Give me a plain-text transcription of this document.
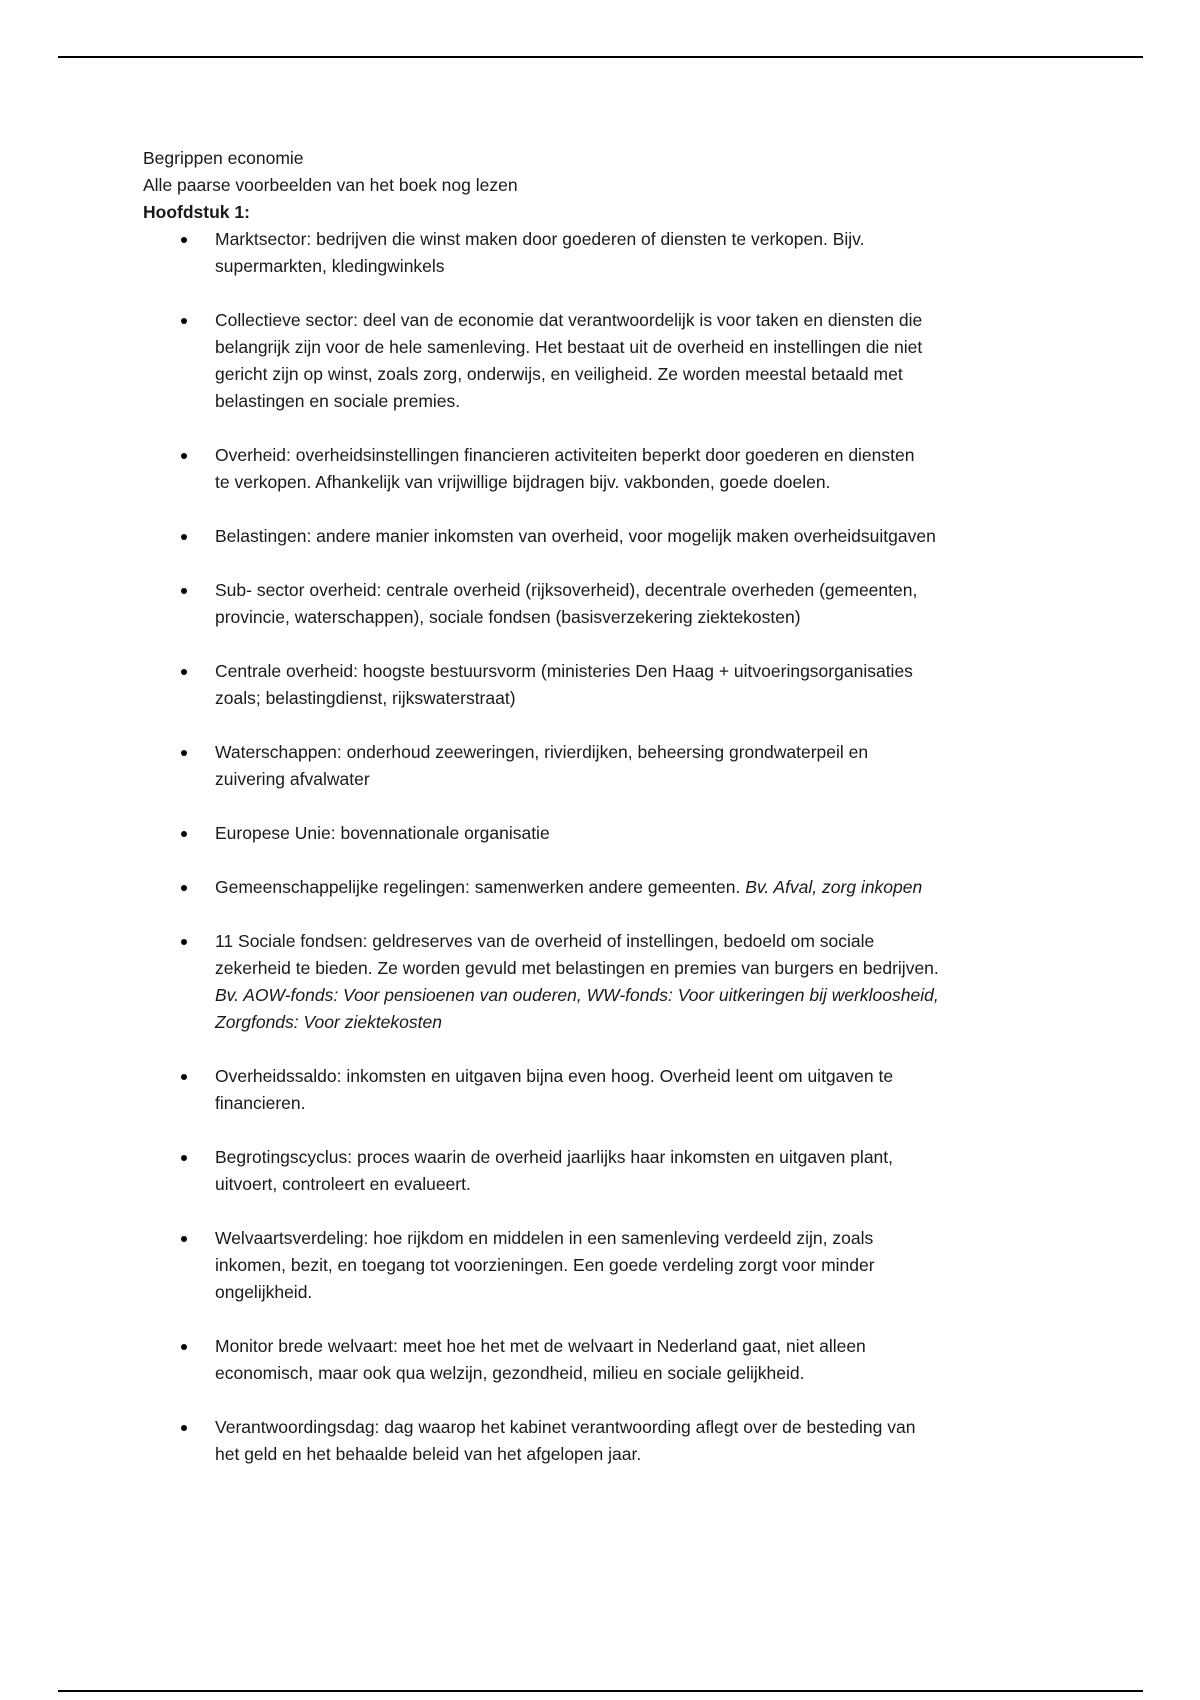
Begrippen economie
Alle paarse voorbeelden van het boek nog lezen
Hoofdstuk 1:
Marktsector: bedrijven die winst maken door goederen of diensten te verkopen. Bijv.
supermarkten, kledingwinkels
Collectieve sector: deel van de economie dat verantwoordelijk is voor taken en diensten die
belangrijk zijn voor de hele samenleving. Het bestaat uit de overheid en instellingen die niet
gericht zijn op winst, zoals zorg, onderwijs, en veiligheid. Ze worden meestal betaald met
belastingen en sociale premies.
Overheid: overheidsinstellingen financieren activiteiten beperkt door goederen en diensten
te verkopen. Afhankelijk van vrijwillige bijdragen bijv. vakbonden, goede doelen.
Belastingen: andere manier inkomsten van overheid, voor mogelijk maken overheidsuitgaven
Sub- sector overheid: centrale overheid (rijksoverheid), decentrale overheden (gemeenten,
provincie, waterschappen), sociale fondsen (basisverzekering ziektekosten)
Centrale overheid: hoogste bestuursvorm (ministeries Den Haag + uitvoeringsorganisaties
zoals; belastingdienst, rijkswaterstraat)
Waterschappen: onderhoud zeeweringen, rivierdijken, beheersing grondwaterpeil en
zuivering afvalwater
Europese Unie: bovennationale organisatie
Gemeenschappelijke regelingen: samenwerken andere gemeenten. Bv. Afval, zorg inkopen
11 Sociale fondsen: geldreserves van de overheid of instellingen, bedoeld om sociale
zekerheid te bieden. Ze worden gevuld met belastingen en premies van burgers en bedrijven.
Bv. AOW-fonds: Voor pensioenen van ouderen, WW-fonds: Voor uitkeringen bij werkloosheid,
Zorgfonds: Voor ziektekosten
Overheidssaldo: inkomsten en uitgaven bijna even hoog. Overheid leent om uitgaven te
financieren.
Begrotingscyclus: proces waarin de overheid jaarlijks haar inkomsten en uitgaven plant,
uitvoert, controleert en evalueert.
Welvaartsverdeling: hoe rijkdom en middelen in een samenleving verdeeld zijn, zoals
inkomen, bezit, en toegang tot voorzieningen. Een goede verdeling zorgt voor minder
ongelijkheid.
Monitor brede welvaart: meet hoe het met de welvaart in Nederland gaat, niet alleen
economisch, maar ook qua welzijn, gezondheid, milieu en sociale gelijkheid.
Verantwoordingsdag: dag waarop het kabinet verantwoording aflegt over de besteding van
het geld en het behaalde beleid van het afgelopen jaar.
